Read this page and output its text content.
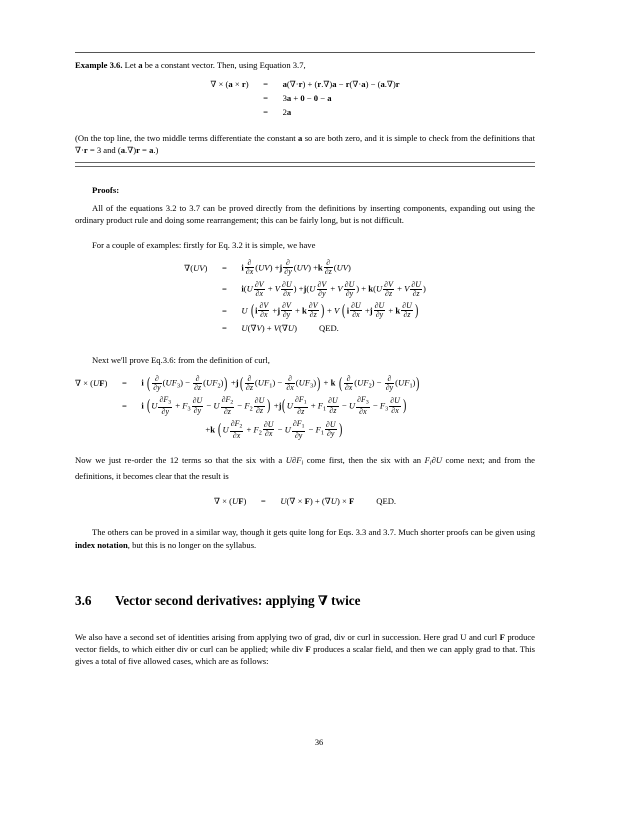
Example 3.6. Let a be a constant vector. Then, using Equation 3.7,

∇ × (a × r)	=	a(∇·r) + (r.∇)a − r(∇·a) − (a.∇)r
	=	3a + 0 − 0 − a
	=	2a

(On the top line, the two middle terms differentiate the constant a so are both zero, and it is simple to check from the definitions that ∇·r = 3 and (a.∇)r = a.)

Proofs:

All of the equations 3.2 to 3.7 can be proved directly from the definitions by inserting components, expanding out using the ordinary product rule and doing some rearrangement; this can be fairly long, but is not difficult.

For a couple of examples: firstly for Eq. 3.2 it is simple, we have

∇(UV)	=	i $\frac{\partial}{\partial x} (UV) +j \frac{\partial}{\partial y} (UV) +k \frac{\partial}{\partial z} (UV)$
	=	$i(U \frac{\partial V}{\partial x} + V \frac{\partial U}{\partial x}$ ) $+j(U \frac{\partial V}{\partial y} + V \frac{\partial U}{\partial y}$ ) + $k(U \frac{\partial V}{\partial z} + V \frac{\partial U}{\partial z}$ )
	=	U ($i \frac{\partial V}{\partial x} +j \frac{\partial V}{\partial y} + k \frac{\partial V}{\partial z}$ ) + V ($i \frac{\partial U}{\partial x} +j \frac{\partial U}{\partial y} + k \frac{\partial U}{\partial z}$ )
	=	U(∇V) + V(∇U)	QED.

Next we'll prove Eq.3.6: from the definition of curl,

∇ × (UF)	=	i ( $\frac{\partial}{\partial y} (UF_3) - \frac{\partial}{\partial z} (UF_2)) +j( \frac{\partial}{\partial z} (UF_1) - \frac{\partial}{\partial x} (UF_3)) + k$ ( $\frac{\partial}{\partial x} (UF_2) - \frac{\partial}{\partial y} (UF_1)$)
	=	i ($U \frac{\partial F_3}{\partial y} + F_3 \frac{\partial U}{\partial y} - U \frac{\partial F_2}{\partial z} - F_2 \frac{\partial U}{\partial z}$ ) $+j(U \frac{\partial F_1}{\partial z} + F_1 \frac{\partial U}{\partial z} - U \frac{\partial F_3}{\partial x} - F_3 \frac{\partial U}{\partial x}$ )
		+k ($U \frac{\partial F_2}{\partial x} + F_2 \frac{\partial U}{\partial x} - U \frac{\partial F_1}{\partial y} - F_1 \frac{\partial U}{\partial y}$ )

Now we just re-order the 12 terms so that the six with a $U\partial F_i$ come first, then the six with an $F_i\partial U$ come next; and from the definitions, it becomes clear that the result is

∇ × (UF)	=	U(∇ × F) + (∇U) × F	QED.

The others can be proved in a similar way, though it gets quite long for Eqs. 3.3 and 3.7. Much shorter proofs can be given using index notation, but this is no longer on the syllabus.

3.6 Vector second derivatives: applying ∇ twice

We also have a second set of identities arising from applying two of grad, div or curl in succession. Here grad U and curl F produce vector fields, to which either div or curl can be applied; while div F produces a scalar field, and then we can apply grad to that. This gives a total of five allowed cases, which are as follows:

36
